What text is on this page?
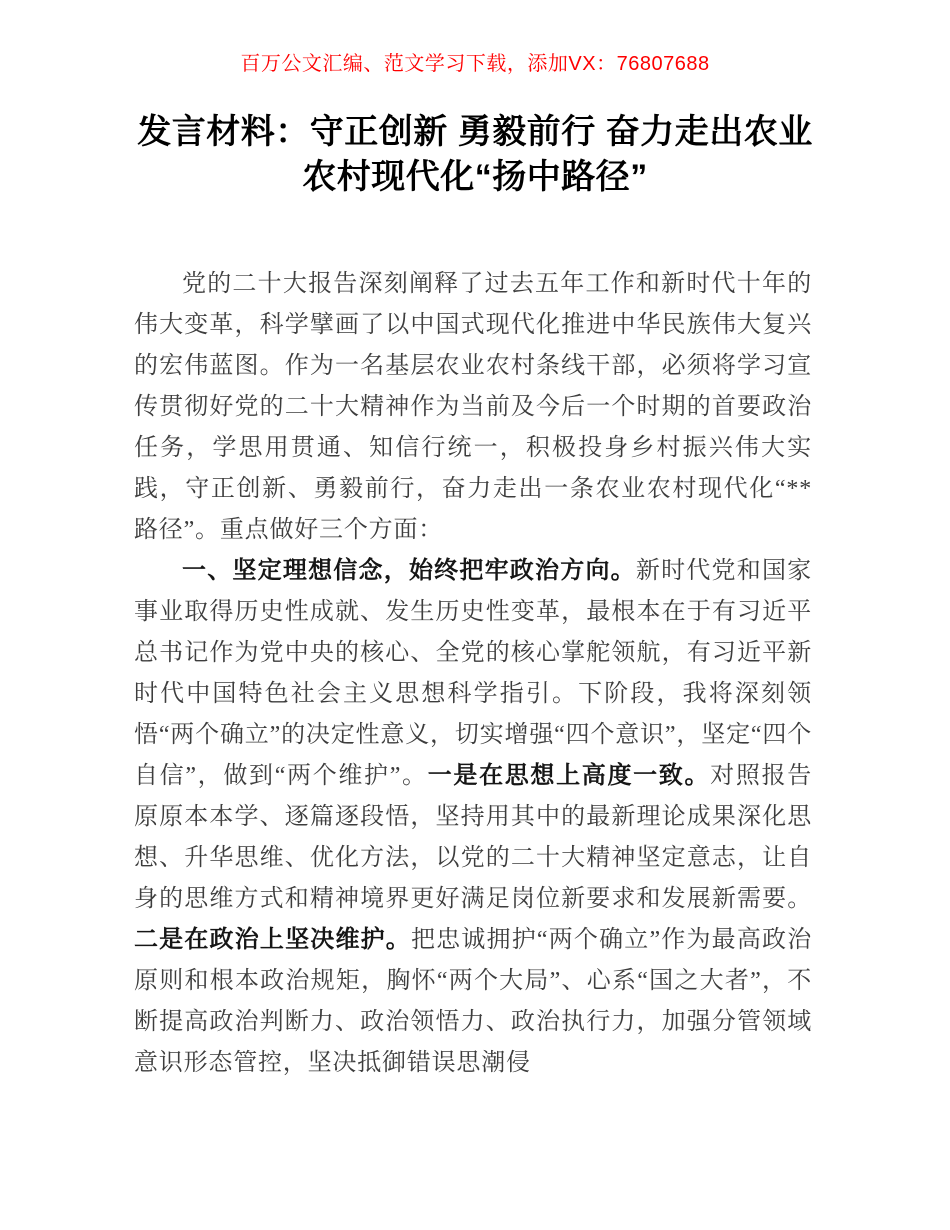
百万公文汇编、范文学习下载，添加VX：76807688
发言材料：守正创新 勇毅前行 奋力走出农业农村现代化“扬中路径”

党的二十大报告深刻阐释了过去五年工作和新时代十年的伟大变革，科学擘画了以中国式现代化推进中华民族伟大复兴的宏伟蓝图。作为一名基层农业农村条线干部，必须将学习宣传贯彻好党的二十大精神作为当前及今后一个时期的首要政治任务，学思用贯通、知信行统一，积极投身乡村振兴伟大实践，守正创新、勇毅前行，奋力走出一条农业农村现代化“**路径”。重点做好三个方面：

一、坚定理想信念，始终把牢政治方向。新时代党和国家事业取得历史性成就、发生历史性变革，最根本在于有习近平总书记作为党中央的核心、全党的核心掌舵领航，有习近平新时代中国特色社会主义思想科学指引。下阶段，我将深刻领悟“两个确立”的决定性意义，切实增强“四个意识”，坚定“四个自信”，做到“两个维护”。一是在思想上高度一致。对照报告原原本本学、逐篇逐段悟，坚持用其中的最新理论成果深化思想、升华思维、优化方法，以党的二十大精神坚定意志，让自身的思维方式和精神境界更好满足岗位新要求和发展新需要。二是在政治上坚决维护。把忠诚拥护“两个确立”作为最高政治原则和根本政治规矩，胸怀“两个大局”、心系“国之大者”，不断提高政治判断力、政治领悟力、政治执行力，加强分管领域意识形态管控，坚决抵御错误思潮侵
